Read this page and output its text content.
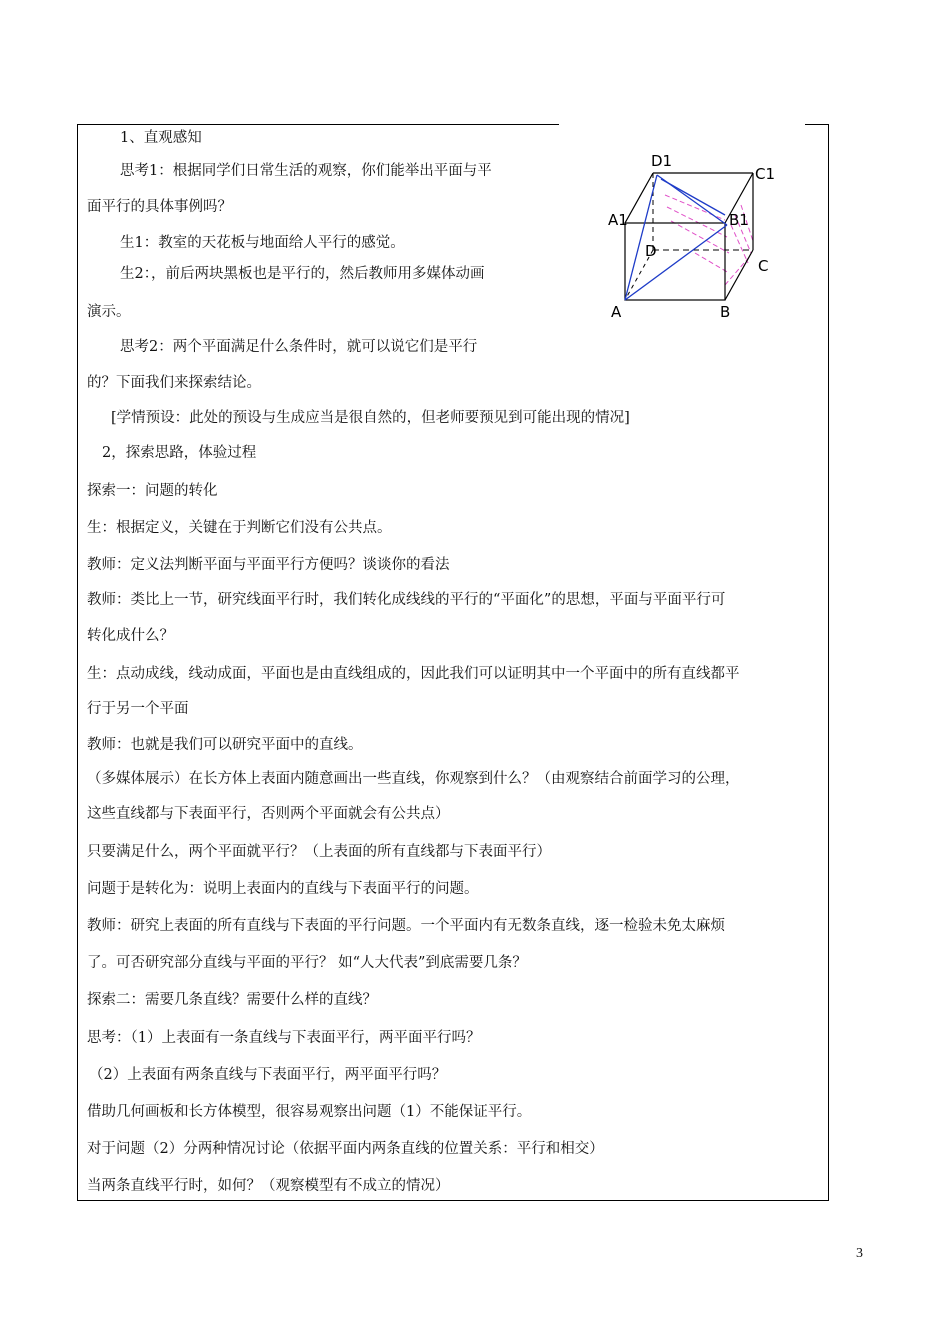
1、直观感知
思考1：根据同学们日常生活的观察，你们能举出平面与平
面平行的具体事例吗？
生1：教室的天花板与地面给人平行的感觉。
生2：，前后两块黑板也是平行的，然后教师用多媒体动画
演示。
思考2：两个平面满足什么条件时，就可以说它们是平行
的？下面我们来探索结论。
[学情预设：此处的预设与生成应当是很自然的，但老师要预见到可能出现的情况]
2，探索思路，体验过程
探索一：问题的转化
生：根据定义，关键在于判断它们没有公共点。
教师：定义法判断平面与平面平行方便吗？谈谈你的看法
教师：类比上一节，研究线面平行时，我们转化成线线的平行的“平面化”的思想，平面与平面平行可
转化成什么？
生：点动成线，线动成面，平面也是由直线组成的，因此我们可以证明其中一个平面中的所有直线都平
行于另一个平面
教师：也就是我们可以研究平面中的直线。
（多媒体展示）在长方体上表面内随意画出一些直线，你观察到什么？（由观察结合前面学习的公理，
这些直线都与下表面平行，否则两个平面就会有公共点）
只要满足什么，两个平面就平行？（上表面的所有直线都与下表面平行）
问题于是转化为：说明上表面内的直线与下表面平行的问题。
教师：研究上表面的所有直线与下表面的平行问题。一个平面内有无数条直线，逐一检验未免太麻烦
了。可否研究部分直线与平面的平行？ 如“人大代表”到底需要几条？
探索二：需要几条直线？需要什么样的直线？
思考：（1）上表面有一条直线与下表面平行，两平面平行吗？
（2）上表面有两条直线与下表面平行，两平面平行吗？
借助几何画板和长方体模型，很容易观察出问题（1）不能保证平行。
对于问题（2）分两种情况讨论（依据平面内两条直线的位置关系：平行和相交）
当两条直线平行时，如何？（观察模型有不成立的情况）
D1
C1
A1	B1
D
C
A	B
3
